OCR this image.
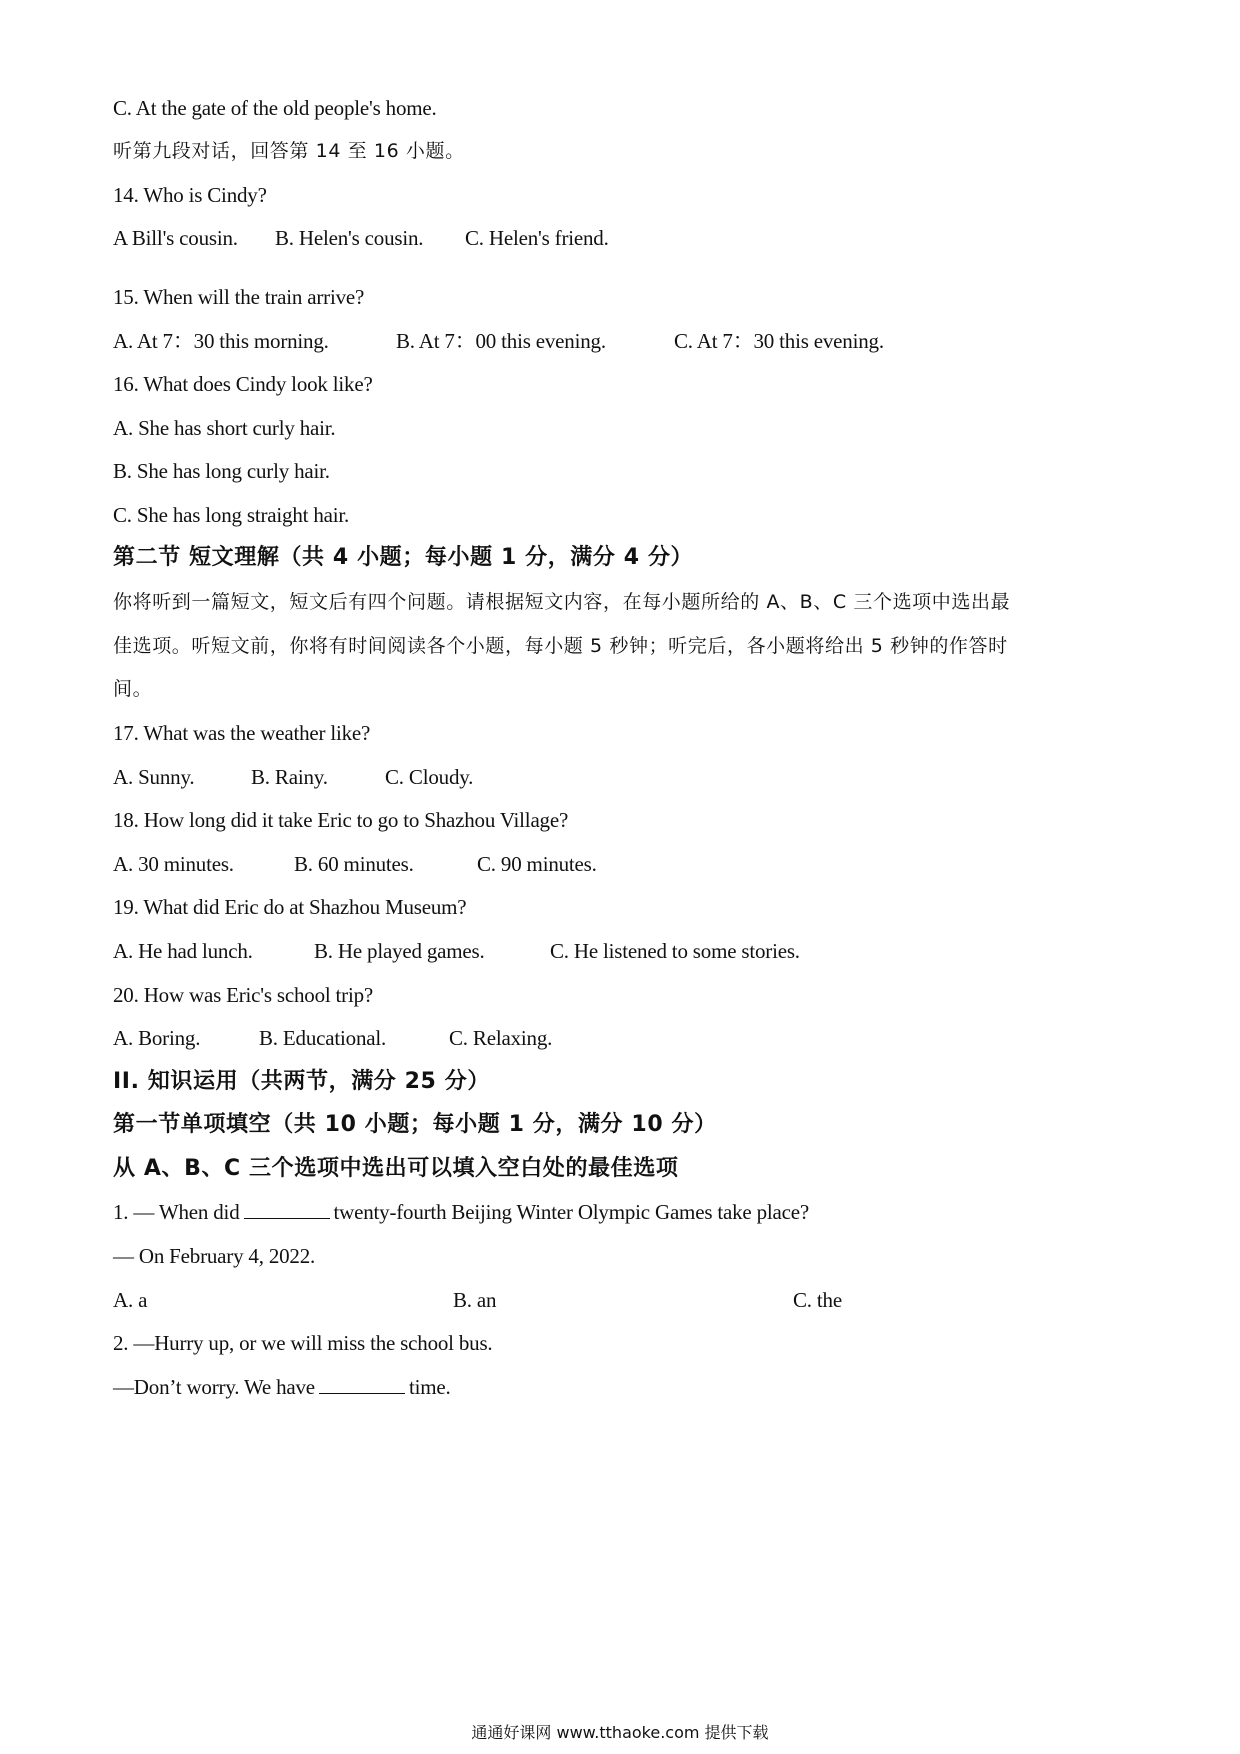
C. At the gate of the old people's home.
听第九段对话，回答第 14 至 16 小题。
14. Who is Cindy?
A Bill's cousin. B. Helen's cousin. C. Helen's friend.
15. When will the train arrive?
A. At 7：30 this morning.	B. At 7：00 this evening.	C. At 7：30 this evening.
16. What does Cindy look like?
A. She has short curly hair.
B. She has long curly hair.
C. She has long straight hair.
第二节 短文理解（共 4 小题；每小题 1 分，满分 4 分）
你将听到一篇短文，短文后有四个问题。请根据短文内容，在每小题所给的 A、B、C 三个选项中选出最
佳选项。听短文前，你将有时间阅读各个小题，每小题 5 秒钟；听完后，各小题将给出 5 秒钟的作答时
间。
17. What was the weather like?
A. Sunny.	B. Rainy.	C. Cloudy.
18. How long did it take Eric to go to Shazhou Village?
A. 30 minutes.	B. 60 minutes.	C. 90 minutes.
19. What did Eric do at Shazhou Museum?
A. He had lunch.	B. He played games.	C. He listened to some stories.
20. How was Eric's school trip?
A. Boring.	B. Educational.	C. Relaxing.
II. 知识运用（共两节，满分 25 分）
第一节单项填空（共 10 小题；每小题 1 分，满分 10 分）
从 A、B、C 三个选项中选出可以填入空白处的最佳选项
1. — When did	twenty-fourth Beijing Winter Olympic Games take place?
— On February 4, 2022.
A. a	B. an	C. the
2. —Hurry up, or we will miss the school bus.
—Don’t worry. We have	time.
通通好课网 www.tthaoke.com 提供下载
